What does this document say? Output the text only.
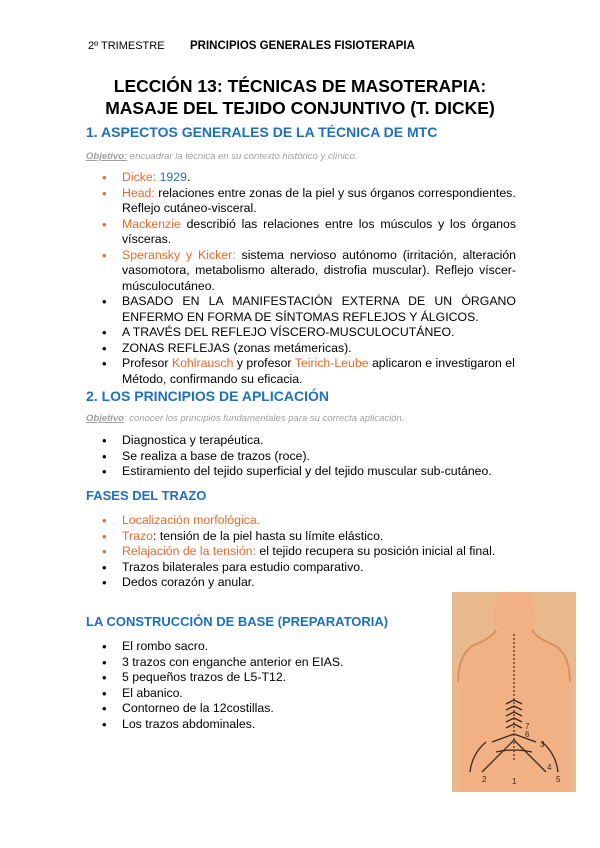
2º TRIMESTRE PRINCIPIOS GENERALES FISIOTERAPIA
LECCIÓN 13: TÉCNICAS DE MASOTERAPIA:
MASAJE DEL TEJIDO CONJUNTIVO (T. DICKE)
1. ASPECTOS GENERALES DE LA TÉCNICA DE MTC
Objetivo: encuadrar la técnica en su contexto histórico y clínico.
• Dicke: 1929.
• Head: relaciones entre zonas de la piel y sus órganos correspondientes. Reflejo cutáneo-visceral.
• Mackenzie describió las relaciones entre los músculos y los órganos vísceras.
• Speransky y Kicker: sistema nervioso autónomo (irritación, alteración vasomotora, metabolismo alterado, distrofia muscular). Reflejo víscer-músculocutáneo.
• BASADO EN LA MANIFESTACIÓN EXTERNA DE UN ÓRGANO ENFERMO EN FORMA DE SÍNTOMAS REFLEJOS Y ÁLGICOS.
• A TRAVÉS DEL REFLEJO VÍSCERO-MUSCULOCUTÁNEO.
• ZONAS REFLEJAS (zonas metámericas).
• Profesor Kohlrausch y profesor Teirich-Leube aplicaron e investigaron el Método, confirmando su eficacia.
2. LOS PRINCIPIOS DE APLICACIÓN
Objetivo: conocer los principios fundamentales para su correcta aplicación.
• Diagnostica y terapéutica.
• Se realiza a base de trazos (roce).
• Estiramiento del tejido superficial y del tejido muscular sub-cutáneo.
FASES DEL TRAZO
• Localización morfológica.
• Trazo: tensión de la piel hasta su límite elástico.
• Relajación de la tensión: el tejido recupera su posición inicial al final.
• Trazos bilaterales para estudio comparativo.
• Dedos corazón y anular.
LA CONSTRUCCIÓN DE BASE (PREPARATORIA)
• El rombo sacro.
• 3 trazos con enganche anterior en EIAS.
• 5 pequeños trazos de L5-T12.
• El abanico.
• Contorneo de la 12costillas.
• Los trazos abdominales.
3
6
7
4
1
2	5
